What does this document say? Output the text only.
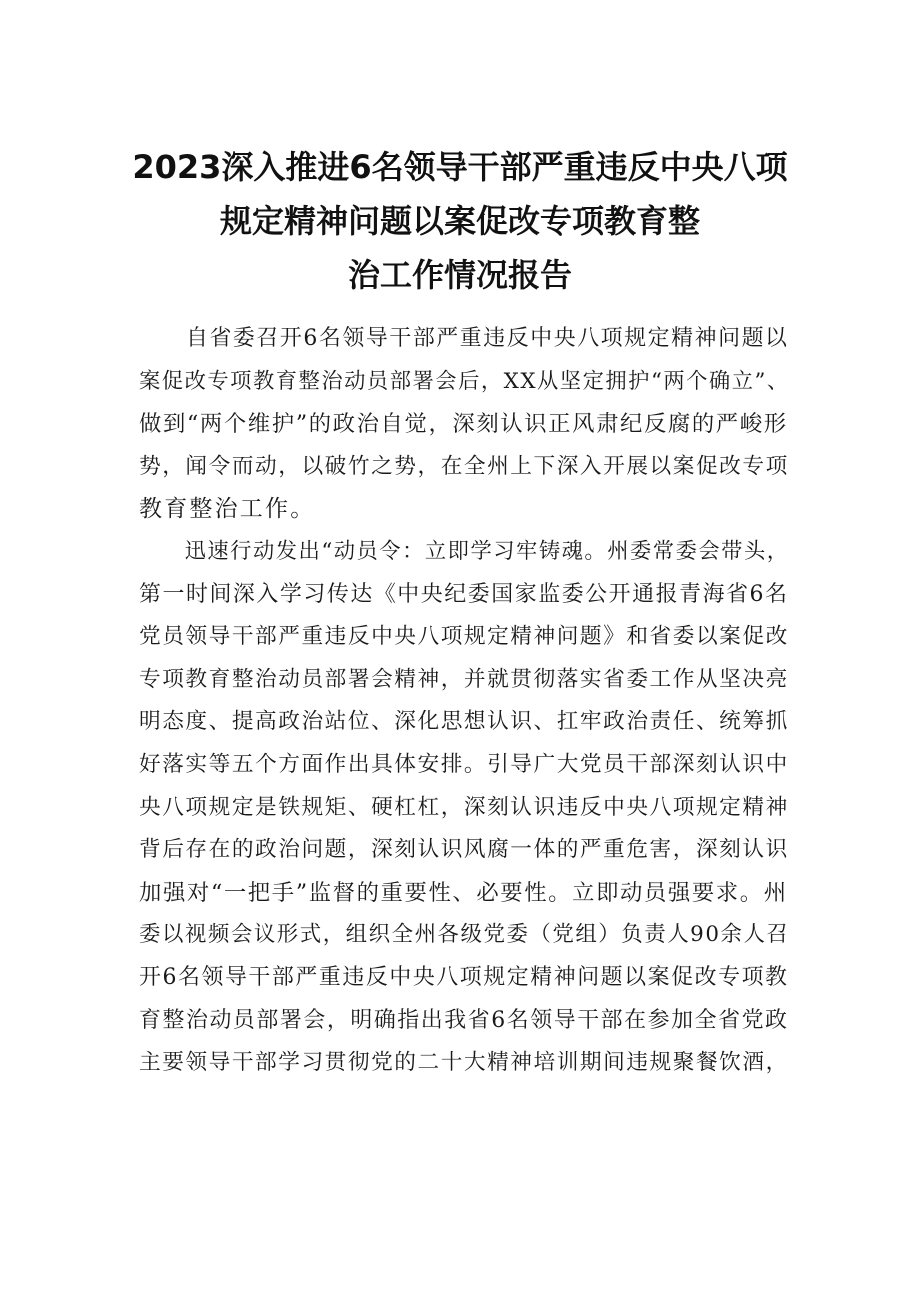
2023深入推进6名领导干部严重违反中央八项
规定精神问题以案促改专项教育整
治工作情况报告
　　自省委召开6名领导干部严重违反中央八项规定精神问题以
案促改专项教育整治动员部署会后，XX从坚定拥护“两个确立”、
做到“两个维护”的政治自觉，深刻认识正风肃纪反腐的严峻形
势，闻令而动，以破竹之势，在全州上下深入开展以案促改专项
教育整治工作。
　　迅速行动发出“动员令：立即学习牢铸魂。州委常委会带头，
第一时间深入学习传达《中央纪委国家监委公开通报青海省6名
党员领导干部严重违反中央八项规定精神问题》和省委以案促改
专项教育整治动员部署会精神，并就贯彻落实省委工作从坚决亮
明态度、提高政治站位、深化思想认识、扛牢政治责任、统筹抓
好落实等五个方面作出具体安排。引导广大党员干部深刻认识中
央八项规定是铁规矩、硬杠杠，深刻认识违反中央八项规定精神
背后存在的政治问题，深刻认识风腐一体的严重危害，深刻认识
加强对“一把手”监督的重要性、必要性。立即动员强要求。州
委以视频会议形式，组织全州各级党委（党组）负责人90余人召
开6名领导干部严重违反中央八项规定精神问题以案促改专项教
育整治动员部署会，明确指出我省6名领导干部在参加全省党政
主要领导干部学习贯彻党的二十大精神培训期间违规聚餐饮酒，
